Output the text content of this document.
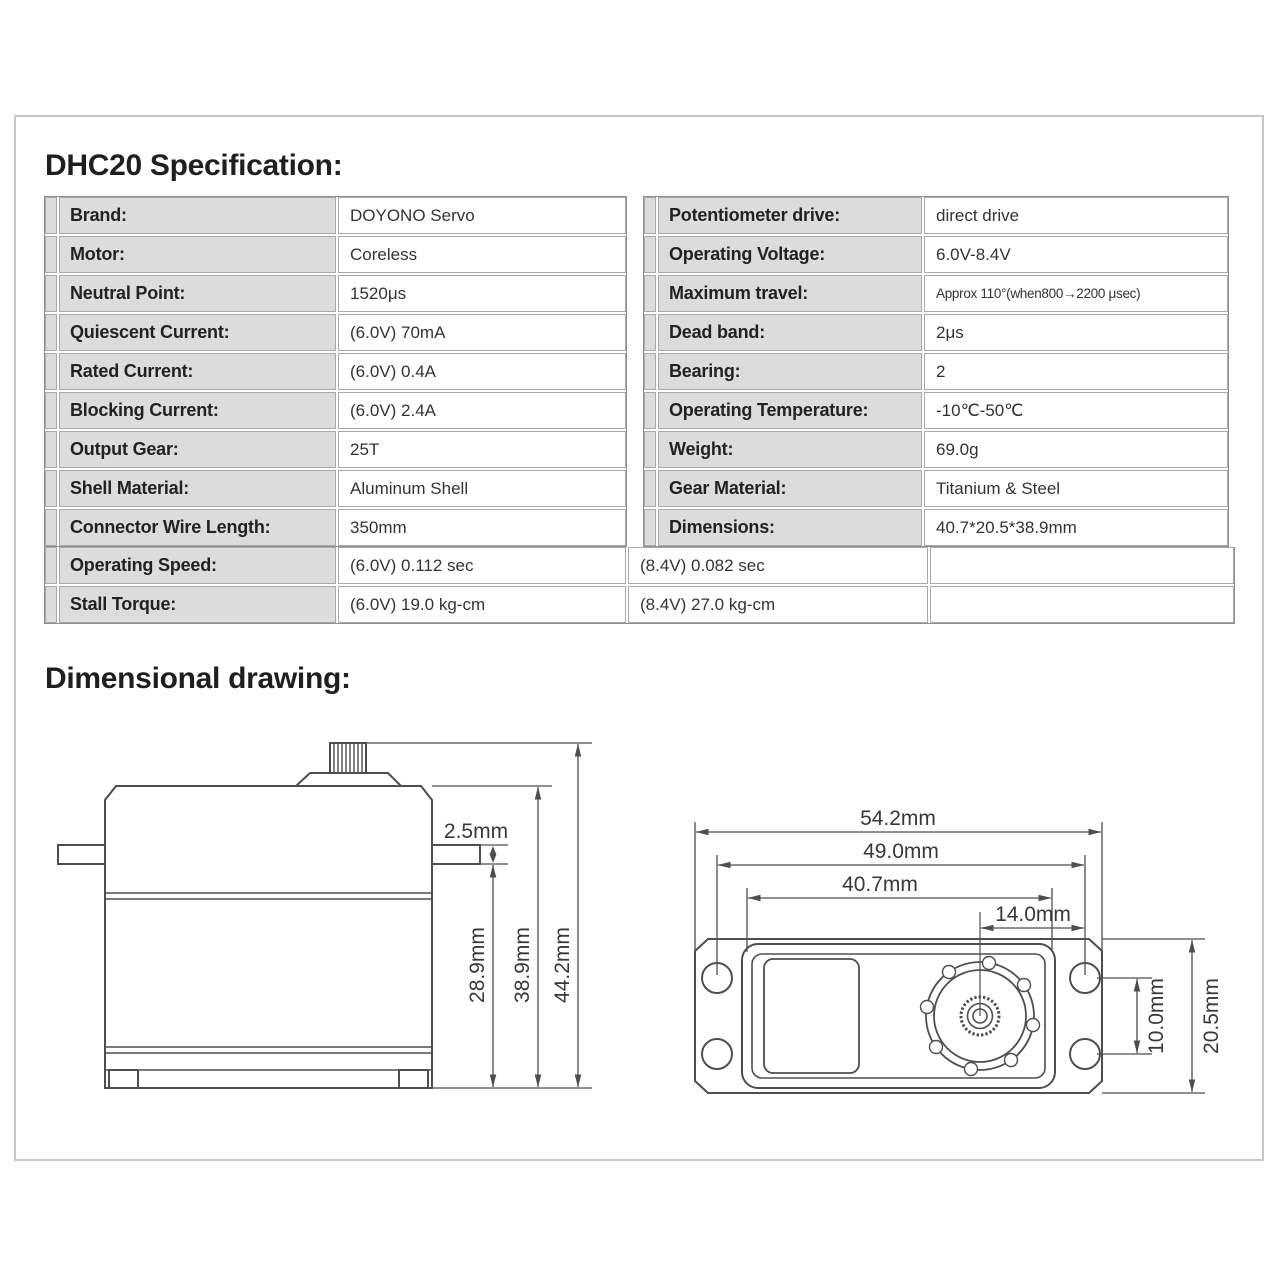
DHC20 Specification:
Brand:	DOYONO Servo
Motor:	Coreless
Neutral Point:	1520μs
Quiescent Current:	(6.0V) 70mA
Rated Current:	(6.0V) 0.4A
Blocking Current:	(6.0V) 2.4A
Output Gear:	25T
Shell Material:	Aluminum Shell
Connector Wire Length:	350mm
Potentiometer drive:	direct drive
Operating Voltage:	6.0V-8.4V
Maximum travel:	Approx 110°(when800→2200 μsec)
Dead band:	2μs
Bearing:	2
Operating Temperature:	-10℃-50℃
Weight:	69.0g
Gear Material:	Titanium & Steel
Dimensions:	40.7*20.5*38.9mm
Operating Speed:	(6.0V) 0.112 sec	(8.4V) 0.082 sec
Stall Torque:	(6.0V) 19.0 kg-cm	(8.4V) 27.0 kg-cm
Dimensional drawing:
2.5mm
28.9mm 38.9mm 44.2mm
54.2mm
49.0mm
40.7mm
14.0mm
10.0mm 20.5mm
